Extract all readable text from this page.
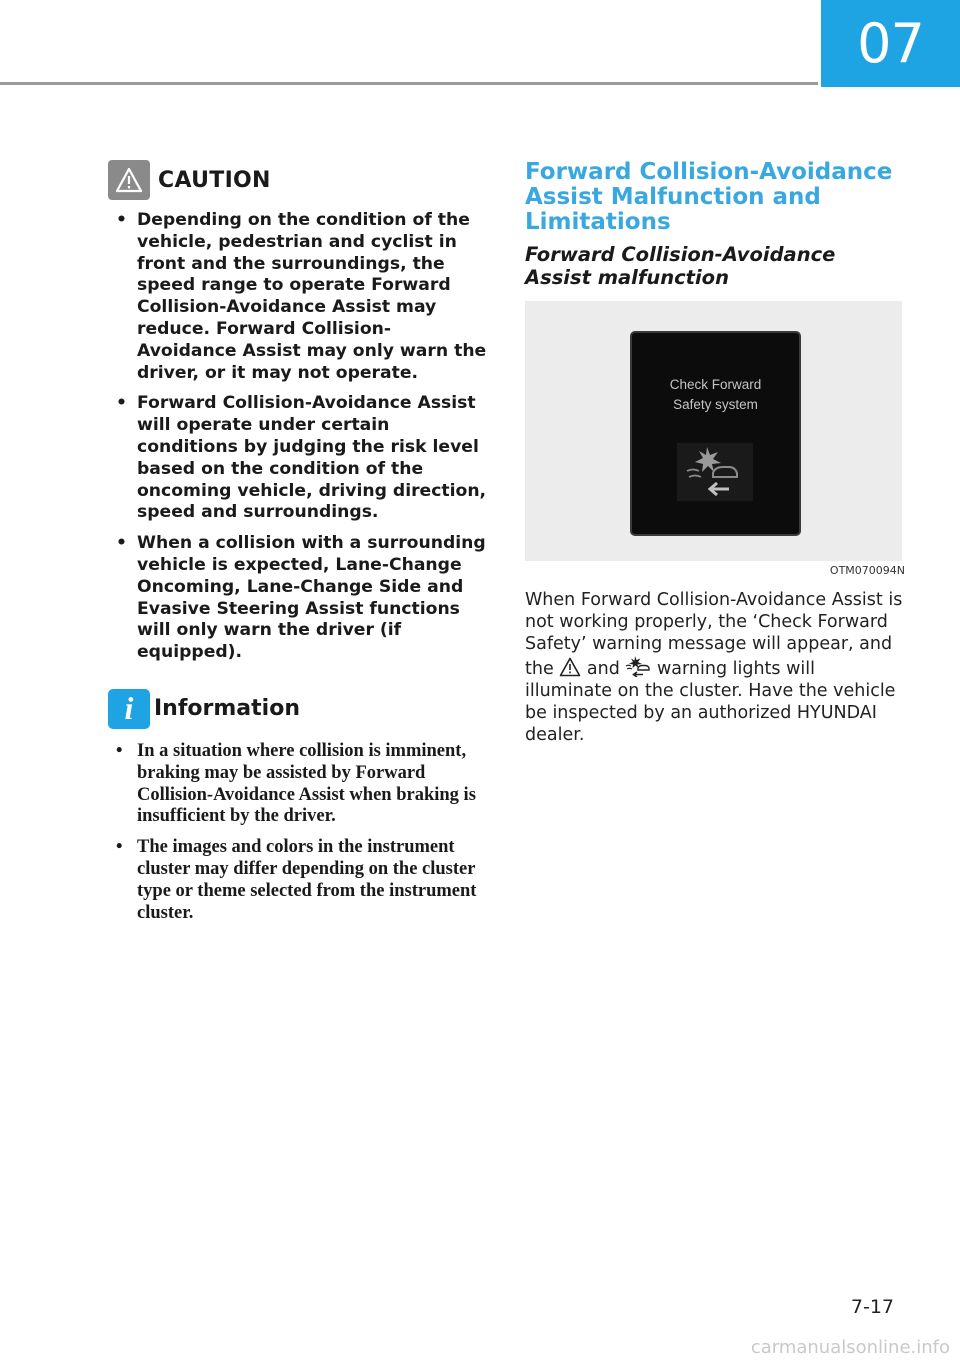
07
CAUTION
• Depending on the condition of the vehicle, pedestrian and cyclist in front and the surroundings, the speed range to operate Forward Collision-Avoidance Assist may reduce. Forward Collision-Avoidance Assist may only warn the driver, or it may not operate.
• Forward Collision-Avoidance Assist will operate under certain conditions by judging the risk level based on the condition of the oncoming vehicle, driving direction, speed and surroundings.
• When a collision with a surrounding vehicle is expected, Lane-Change Oncoming, Lane-Change Side and Evasive Steering Assist functions will only warn the driver (if equipped).
i Information
• In a situation where collision is imminent, braking may be assisted by Forward Collision-Avoidance Assist when braking is insufficient by the driver.
• The images and colors in the instrument cluster may differ depending on the cluster type or theme selected from the instrument cluster.
Forward Collision-Avoidance Assist Malfunction and Limitations
Forward Collision-Avoidance Assist malfunction
Check Forward
Safety system
OTM070094N

When Forward Collision-Avoidance Assist is not working properly, the ‘Check Forward Safety’ warning message will appear, and the and warning lights will illuminate on the cluster. Have the vehicle be inspected by an authorized HYUNDAI dealer.

7-17
carmanualsonline.info
